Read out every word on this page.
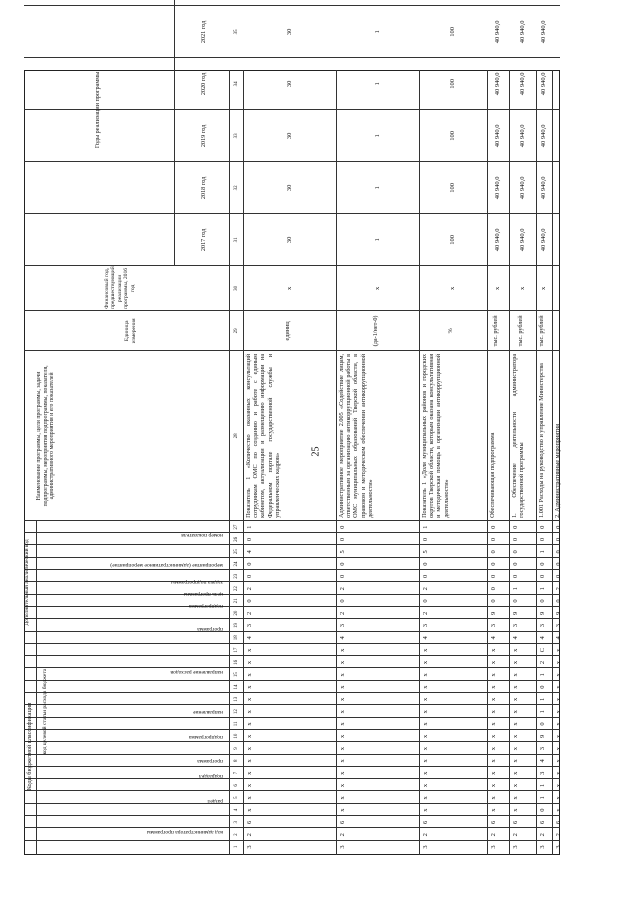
25
Коды бюджетной классификации
Дополнительный аналитический код
код целевой статьи расхода бюджета
Наименование программы, цели программы, задачи подпрограммы, мероприятия подпрограммы, показателя, административного мероприятия и его показателей
Единица измерения
Финансовый год, предшествующий реализации программы, 2016 год
Годы реализации программы
2017 год
2018 год
2019 год
2020 год
2021 год
код администратора программы
раздел
подраздел
программа
подпрограмма
направление
направление расходов
программа
подпрограмма
цель программы
задача подпрограммы
мероприятие (административное мероприятие)
номер показателя
1
2
3
4
5
6
7
8
9
10
11
12
13
14
15
16
17
18
19
20
21
22
23
24
25
26
27
28
29
30
31
32
33
34
35
3
2
6
х
х
х
х
х
х
х
х
х
х
х
х
х
х
4
3
2
0
2
0
0
4
0
1
Показатель 1 «Количество оказанных консультаций сотрудникам ОМС по созданию и работе с единым кабинетом, актуализации и размещению информации на Федеральном портале государственной службы и управленческих кадров»
единиц
х
30
30
30
30
30
3
2
6
х
х
х
х
х
х
х
х
х
х
х
х
х
х
4
3
2
0
2
0
0
5
0
0
Административное мероприятие 2.005 «Содействие лицам, ответственным за организацию антикоррупционной работы в ОМС муниципальных образований Тверской области, в правовом и методическом обеспечении антикоррупционной деятельности»
(да-1/нет-0)
х
1
1
1
1
1
3
2
6
х
х
х
х
х
х
х
х
х
х
х
х
х
х
4
3
2
0
2
0
0
5
0
1
Показатель 1 «Доля муниципальных районов и городских округов Тверской области, которым оказана консультативная и методическая помощь в организации антикоррупционной деятельности»
%
х
100
100
100
100
100
3
2
6
х
х
х
х
х
х
х
х
х
х
х
х
х
х
4
3
9
0
0
0
0
0
0
0
Обеспечивающая подпрограмма
тыс. рублей
х
40 940,0
40 940,0
40 940,0
40 940,0
40 940,0
3
2
6
х
х
х
х
х
х
х
х
х
х
х
х
х
х
4
3
9
0
1
0
0
0
0
0
1. Обеспечение деятельности администратора государственной программы
тыс. рублей
х
40 940,0
40 940,0
40 940,0
40 940,0
40 940,0
3
2
6
0
1
1
3
4
3
9
0
1
1
0
1
2
С
4
3
9
0
1
0
0
1
0
0
1.001 Расходы на руководство и управление Министерства
тыс. рублей
х
40 940,0
40 940,0
40 940,0
40 940,0
40 940,0
3
2
6
х
х
х
х
х
х
х
х
х
х
х
х
х
х
4
3
9
0
2
0
0
0
0
0
2. Административные мероприятия
